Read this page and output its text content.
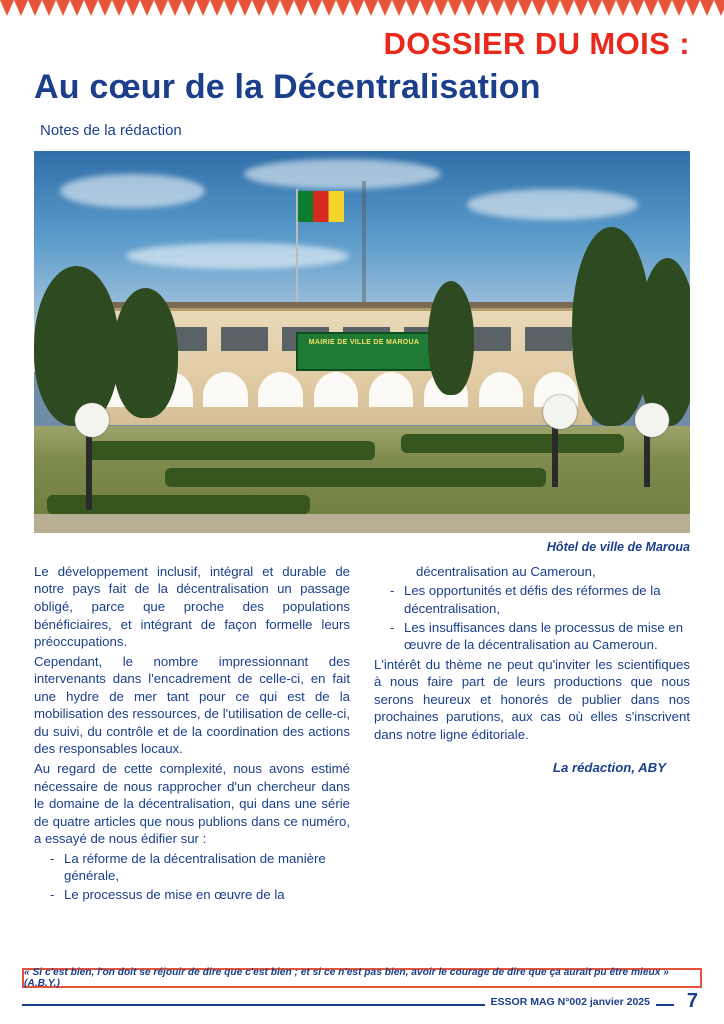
DOSSIER DU MOIS :
Au cœur de la Décentralisation
Notes de la rédaction
MAIRIE DE VILLE DE MAROUA
Hôtel de ville de Maroua

Le développement inclusif, intégral et durable de notre pays fait de la décentralisation un passage obligé, parce que proche des populations bénéficiaires, et intégrant de façon formelle leurs préoccupations.

Cependant, le nombre impressionnant des intervenants dans l'encadrement de celle-ci, en fait une hydre de mer tant pour ce qui est de la mobilisation des ressources, de l'utilisation de celle-ci, du suivi, du contrôle et de la coordination des actions des responsables locaux.

Au regard de cette complexité, nous avons estimé nécessaire de nous rapprocher d'un chercheur dans le domaine de la décentralisation, qui dans une série de quatre articles que nous publions dans ce numéro, a essayé de nous édifier sur :

- La réforme de la décentralisation de manière générale,
- Le processus de mise en œuvre de la

décentralisation au Cameroun,

- Les opportunités et défis des réformes de la décentralisation,
- Les insuffisances dans le processus de mise en œuvre de la décentralisation au Cameroun.

L'intérêt du thème ne peut qu'inviter les scientifiques à nous faire part de leurs productions que nous serons heureux et honorés de publier dans nos prochaines parutions, aux cas où elles s'inscrivent dans notre ligne éditoriale.

La rédaction, ABY
« Si c'est bien, l'on doit se réjouir de dire que c'est bien ; et si ce n'est pas bien, avoir le courage de dire que ça aurait pu être mieux » (A.B.Y.)
ESSOR MAG N°002 janvier 2025	7
